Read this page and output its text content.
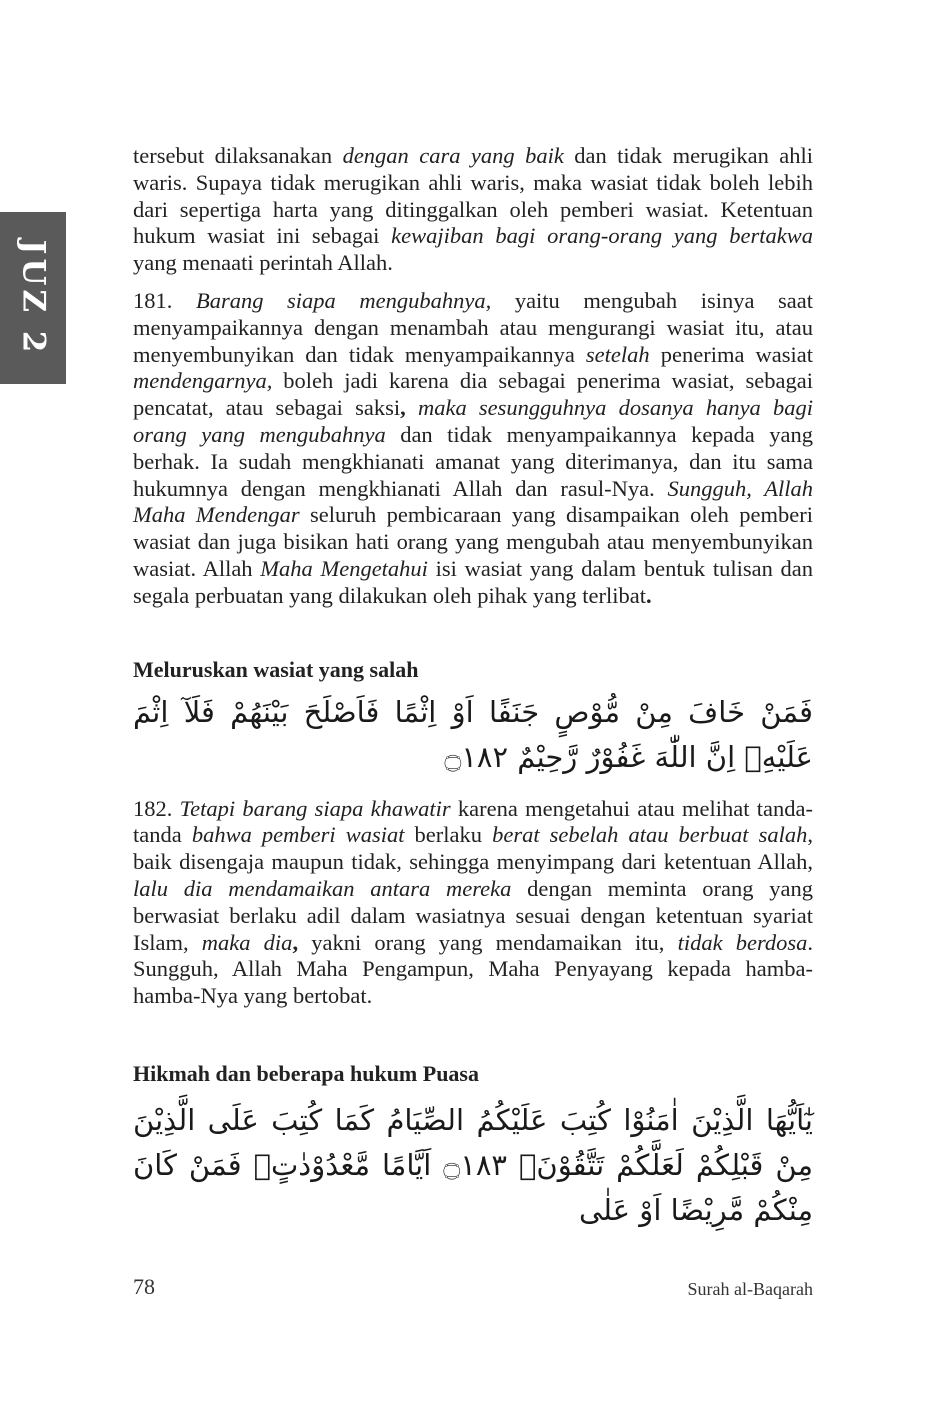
JUZ 2

tersebut dilaksanakan dengan cara yang baik dan tidak merugikan ahli waris. Supaya tidak merugikan ahli waris, maka wasiat tidak boleh lebih dari sepertiga harta yang ditinggalkan oleh pemberi wasiat. Ketentuan hukum wasiat ini sebagai kewajiban bagi orang-orang yang bertakwa yang menaati perintah Allah.

181. Barang siapa mengubahnya, yaitu mengubah isinya saat menyampaikannya dengan menambah atau mengurangi wasiat itu, atau menyembunyikan dan tidak menyampaikannya setelah penerima wasiat mendengarnya, boleh jadi karena dia sebagai penerima wasiat, sebagai pencatat, atau sebagai saksi, maka sesungguhnya dosanya hanya bagi orang yang mengubahnya dan tidak menyampaikannya kepada yang berhak. Ia sudah mengkhianati amanat yang diterimanya, dan itu sama hukumnya dengan mengkhianati Allah dan rasul-Nya. Sungguh, Allah Maha Mendengar seluruh pembicaraan yang disampaikan oleh pemberi wasiat dan juga bisikan hati orang yang mengubah atau menyembunyikan wasiat. Allah Maha Mengetahui isi wasiat yang dalam bentuk tulisan dan segala perbuatan yang dilakukan oleh pihak yang terlibat.

Meluruskan wasiat yang salah
فَمَنْ خَافَ مِنْ مُّوْصٍ جَنَفًا اَوْ اِثْمًا فَاَصْلَحَ بَيْنَهُمْ فَلَآ اِثْمَ عَلَيْهِۗ اِنَّ اللّٰهَ غَفُوْرٌ رَّحِيْمٌ ۝١٨٢

182. Tetapi barang siapa khawatir karena mengetahui atau melihat tanda-tanda bahwa pemberi wasiat berlaku berat sebelah atau berbuat salah, baik disengaja maupun tidak, sehingga menyimpang dari ketentuan Allah, lalu dia mendamaikan antara mereka dengan meminta orang yang berwasiat berlaku adil dalam wasiatnya sesuai dengan ketentuan syariat Islam, maka dia, yakni orang yang mendamaikan itu, tidak berdosa. Sungguh, Allah Maha Pengampun, Maha Penyayang kepada hamba-hamba-Nya yang bertobat.

Hikmah dan beberapa hukum Puasa
يٰٓاَيُّهَا الَّذِيْنَ اٰمَنُوْا كُتِبَ عَلَيْكُمُ الصِّيَامُ كَمَا كُتِبَ عَلَى الَّذِيْنَ مِنْ قَبْلِكُمْ لَعَلَّكُمْ تَتَّقُوْنَۙ ۝١٨٣ اَيَّامًا مَّعْدُوْدٰتٍۗ فَمَنْ كَانَ مِنْكُمْ مَّرِيْضًا اَوْ عَلٰى
78	Surah al-Baqarah
